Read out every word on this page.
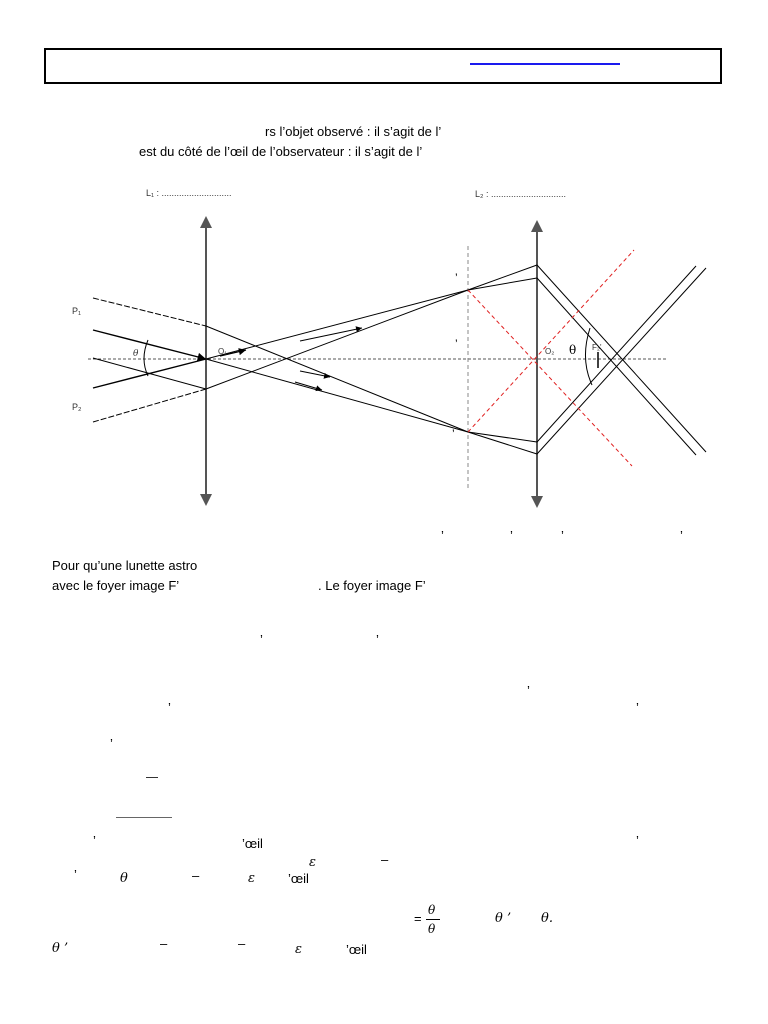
rs l’objet observé : il s’agit de l’
est du côté de l’œil de l’observateur : il s’agit de l’
L₁ : ............................	L₂ : ..............................
P₁
P₂
O₁	O₂	F₂'
θ	θ
’
’
’
’	’	’	’
Pour qu’une lunette astro
avec le foyer image F’	. Le foyer image F’
’	’
’
’	’
’
’	’œil	’
ε	–
’	θ	–	ε	’œil
=
θ
θ
θ ’ θ.
θ ’	–	–	ε	’œil
